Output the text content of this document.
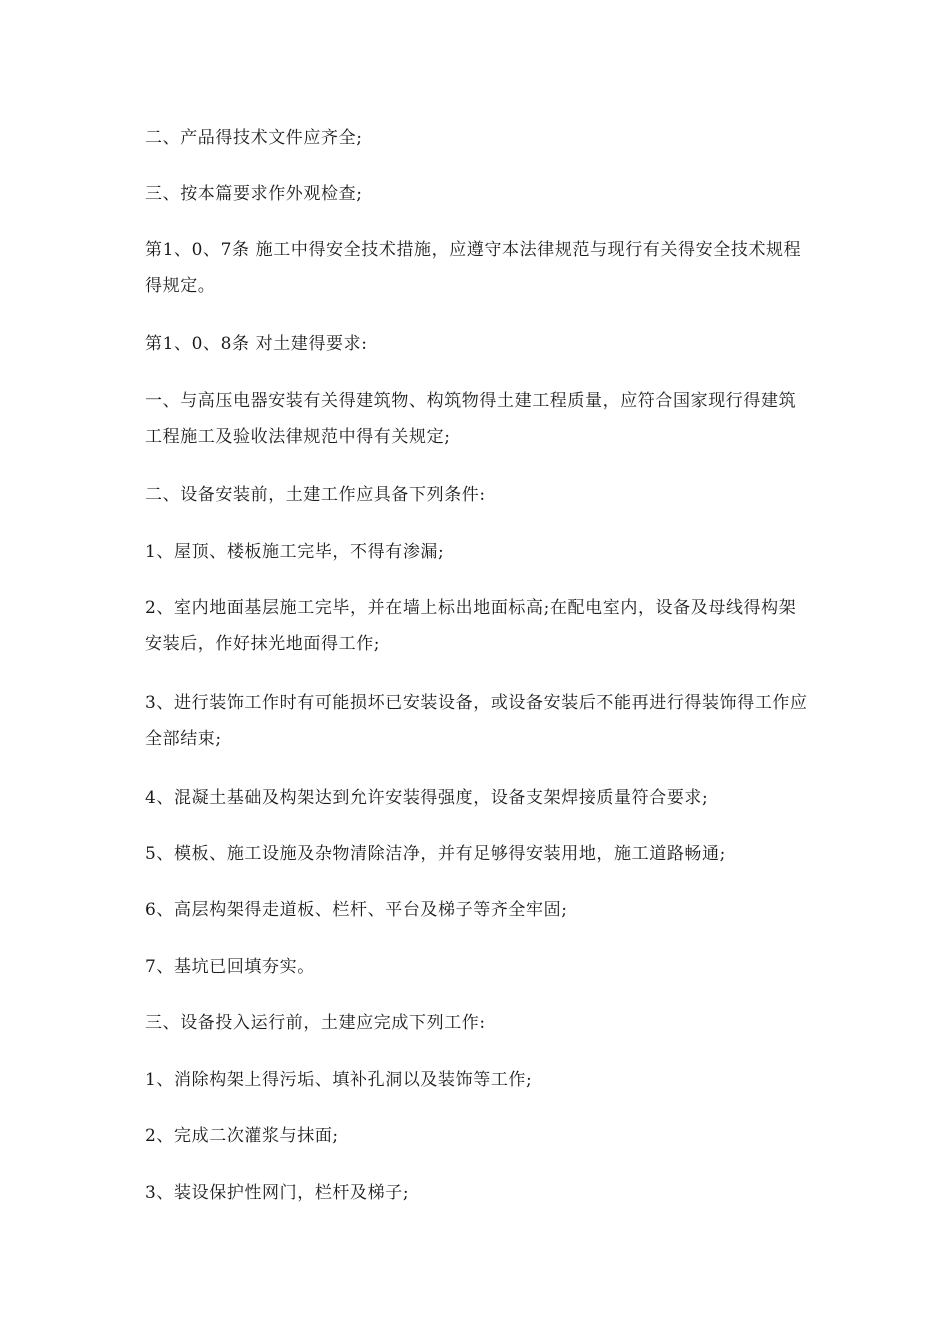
二、产品得技术文件应齐全;

三、按本篇要求作外观检查;

第1、0、7条 施工中得安全技术措施，应遵守本法律规范与现行有关得安全技术规程得规定。

第1、0、8条 对土建得要求:

一、与高压电器安装有关得建筑物、构筑物得土建工程质量，应符合国家现行得建筑工程施工及验收法律规范中得有关规定;

二、设备安装前，土建工作应具备下列条件:

1、屋顶、楼板施工完毕，不得有渗漏;

2、室内地面基层施工完毕，并在墙上标出地面标高;在配电室内，设备及母线得构架安装后，作好抹光地面得工作;

3、进行装饰工作时有可能损坏已安装设备，或设备安装后不能再进行得装饰得工作应全部结束;

4、混凝土基础及构架达到允许安装得强度，设备支架焊接质量符合要求;

5、模板、施工设施及杂物清除洁净，并有足够得安装用地，施工道路畅通;

6、高层构架得走道板、栏杆、平台及梯子等齐全牢固;

7、基坑已回填夯实。

三、设备投入运行前，土建应完成下列工作:

1、消除构架上得污垢、填补孔洞以及装饰等工作;

2、完成二次灌浆与抹面;

3、装设保护性网门，栏杆及梯子;
